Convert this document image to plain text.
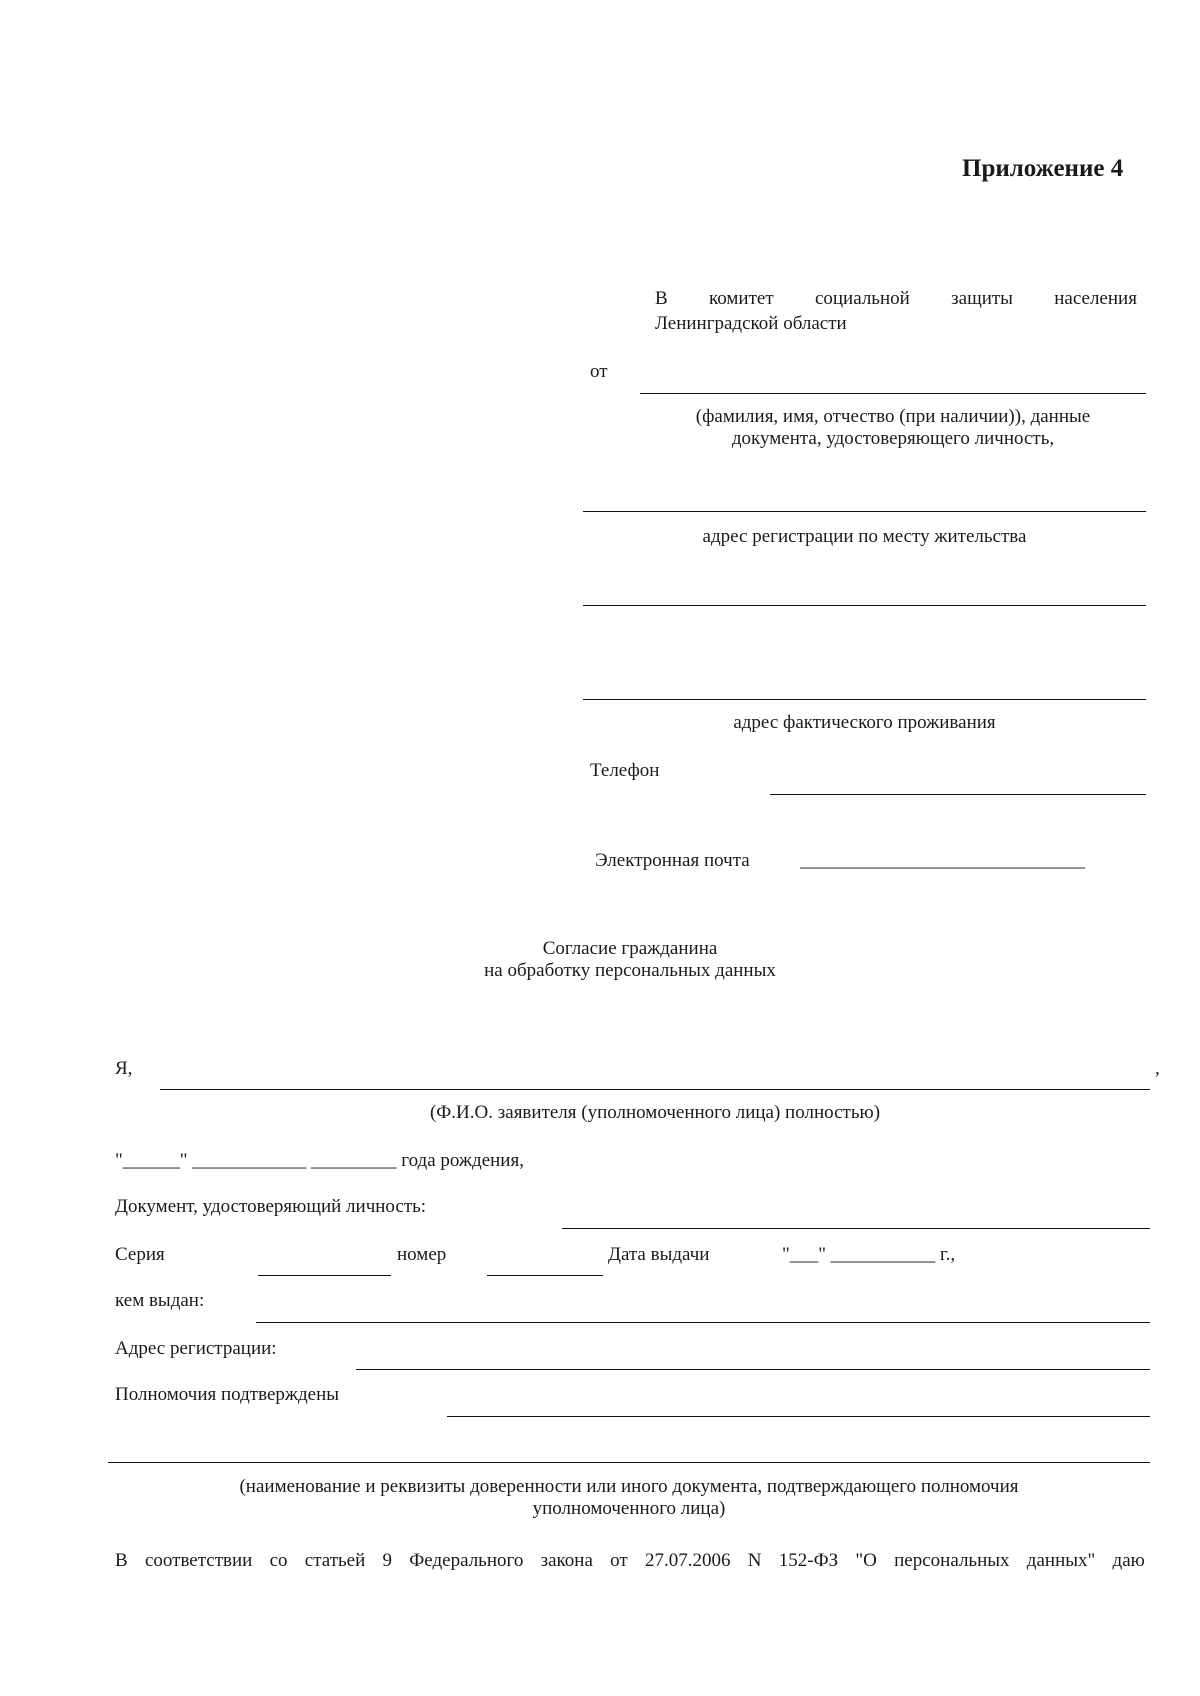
Приложение 4
В комитет социальной защиты населения
Ленинградской области
от
(фамилия, имя, отчество (при наличии)), данные
документа, удостоверяющего личность,
адрес регистрации по месту жительства
адрес фактического проживания
Телефон
Электронная почта	______________________________
Согласие гражданина
на обработку персональных данных
Я,	,
(Ф.И.О. заявителя (уполномоченного лица) полностью)
"______" ____________ _________ года рождения,
Документ, удостоверяющий личность:
Серия	номер	Дата выдачи	"___" ___________ г.,
кем выдан:
Адрес регистрации:
Полномочия подтверждены
(наименование и реквизиты доверенности или иного документа, подтверждающего полномочия
уполномоченного лица)
В соответствии со статьей 9 Федерального закона от 27.07.2006 N 152-ФЗ "О персональных данных" даю
